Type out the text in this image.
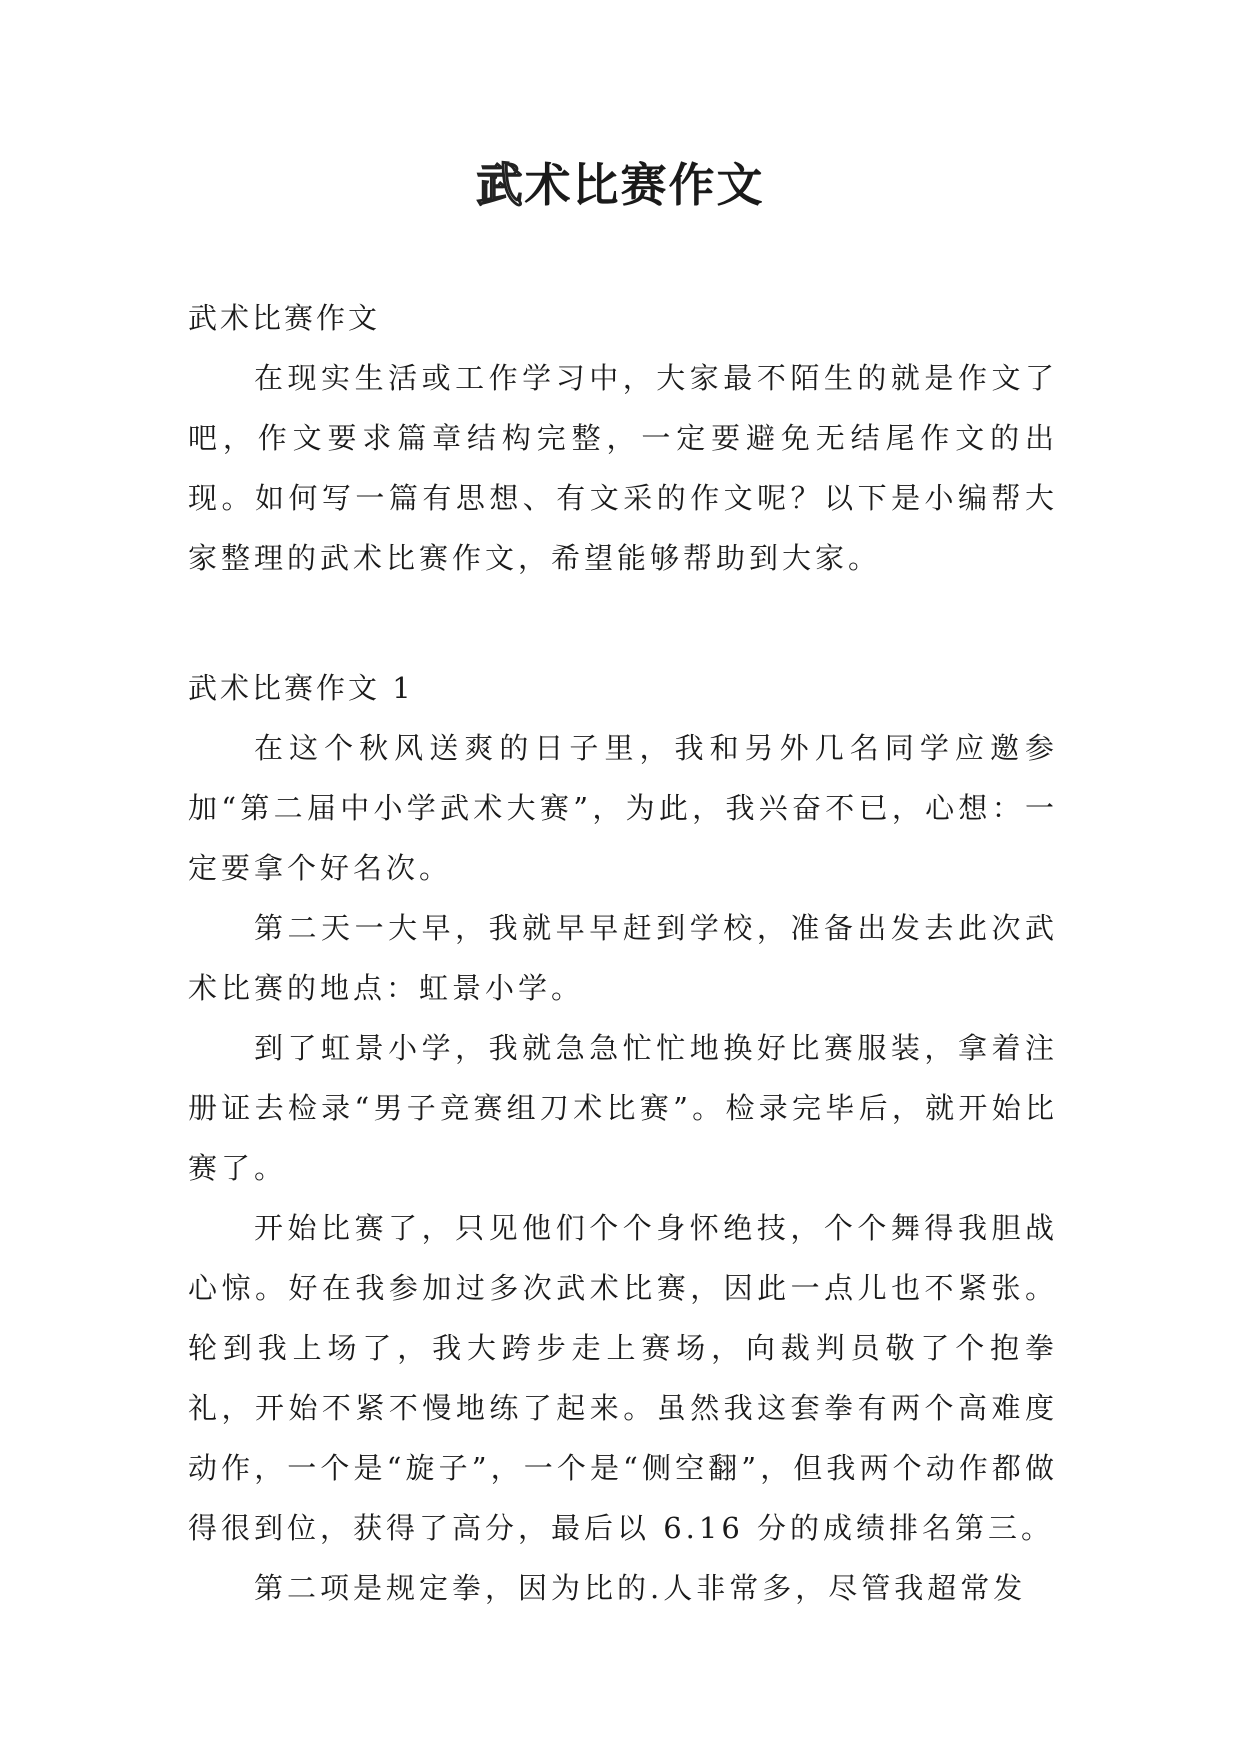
武术比赛作文

武术比赛作文

在现实生活或工作学习中，大家最不陌生的就是作文了吧，作文要求篇章结构完整，一定要避免无结尾作文的出现。如何写一篇有思想、有文采的作文呢？以下是小编帮大家整理的武术比赛作文，希望能够帮助到大家。

武术比赛作文 1

在这个秋风送爽的日子里，我和另外几名同学应邀参加“第二届中小学武术大赛”，为此，我兴奋不已，心想：一定要拿个好名次。

第二天一大早，我就早早赶到学校，准备出发去此次武术比赛的地点：虹景小学。

到了虹景小学，我就急急忙忙地换好比赛服装，拿着注册证去检录“男子竞赛组刀术比赛”。检录完毕后，就开始比赛了。

开始比赛了，只见他们个个身怀绝技，个个舞得我胆战心惊。好在我参加过多次武术比赛，因此一点儿也不紧张。轮到我上场了，我大跨步走上赛场，向裁判员敬了个抱拳礼，开始不紧不慢地练了起来。虽然我这套拳有两个高难度动作，一个是“旋子”，一个是“侧空翻”，但我两个动作都做得很到位，获得了高分，最后以 6.16 分的成绩排名第三。

第二项是规定拳，因为比的.人非常多，尽管我超常发
